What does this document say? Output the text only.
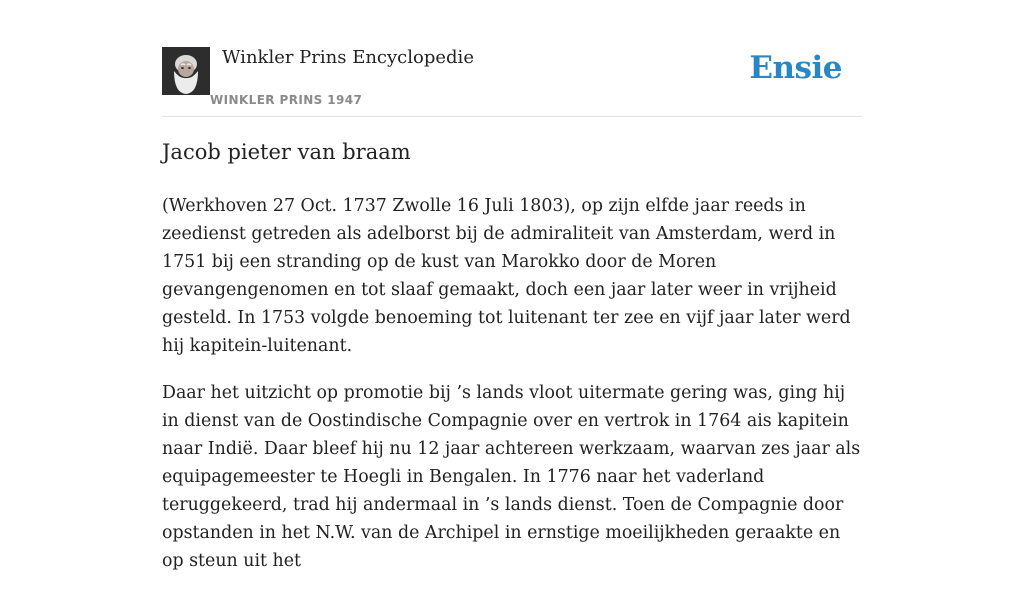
Winkler Prins Encyclopedie
WINKLER PRINS 1947
Ensie
Jacob pieter van braam

(Werkhoven 27 Oct. 1737 Zwolle 16 Juli 1803), op zijn elfde jaar reeds in zeedienst getreden als adelborst bij de admiraliteit van Amsterdam, werd in 1751 bij een stranding op de kust van Marokko door de Moren gevangengenomen en tot slaaf gemaakt, doch een jaar later weer in vrijheid gesteld. In 1753 volgde benoeming tot luitenant ter zee en vijf jaar later werd hij kapitein-luitenant.

Daar het uitzicht op promotie bij ’s lands vloot uitermate gering was, ging hij in dienst van de Oostindische Compagnie over en vertrok in 1764 ais kapitein naar Indië. Daar bleef hij nu 12 jaar achtereen werkzaam, waarvan zes jaar als equipagemeester te Hoegli in Bengalen. In 1776 naar het vaderland teruggekeerd, trad hij andermaal in ’s lands dienst. Toen de Compagnie door opstanden in het N.W. van de Archipel in ernstige moeilijkheden geraakte en op steun uit het
